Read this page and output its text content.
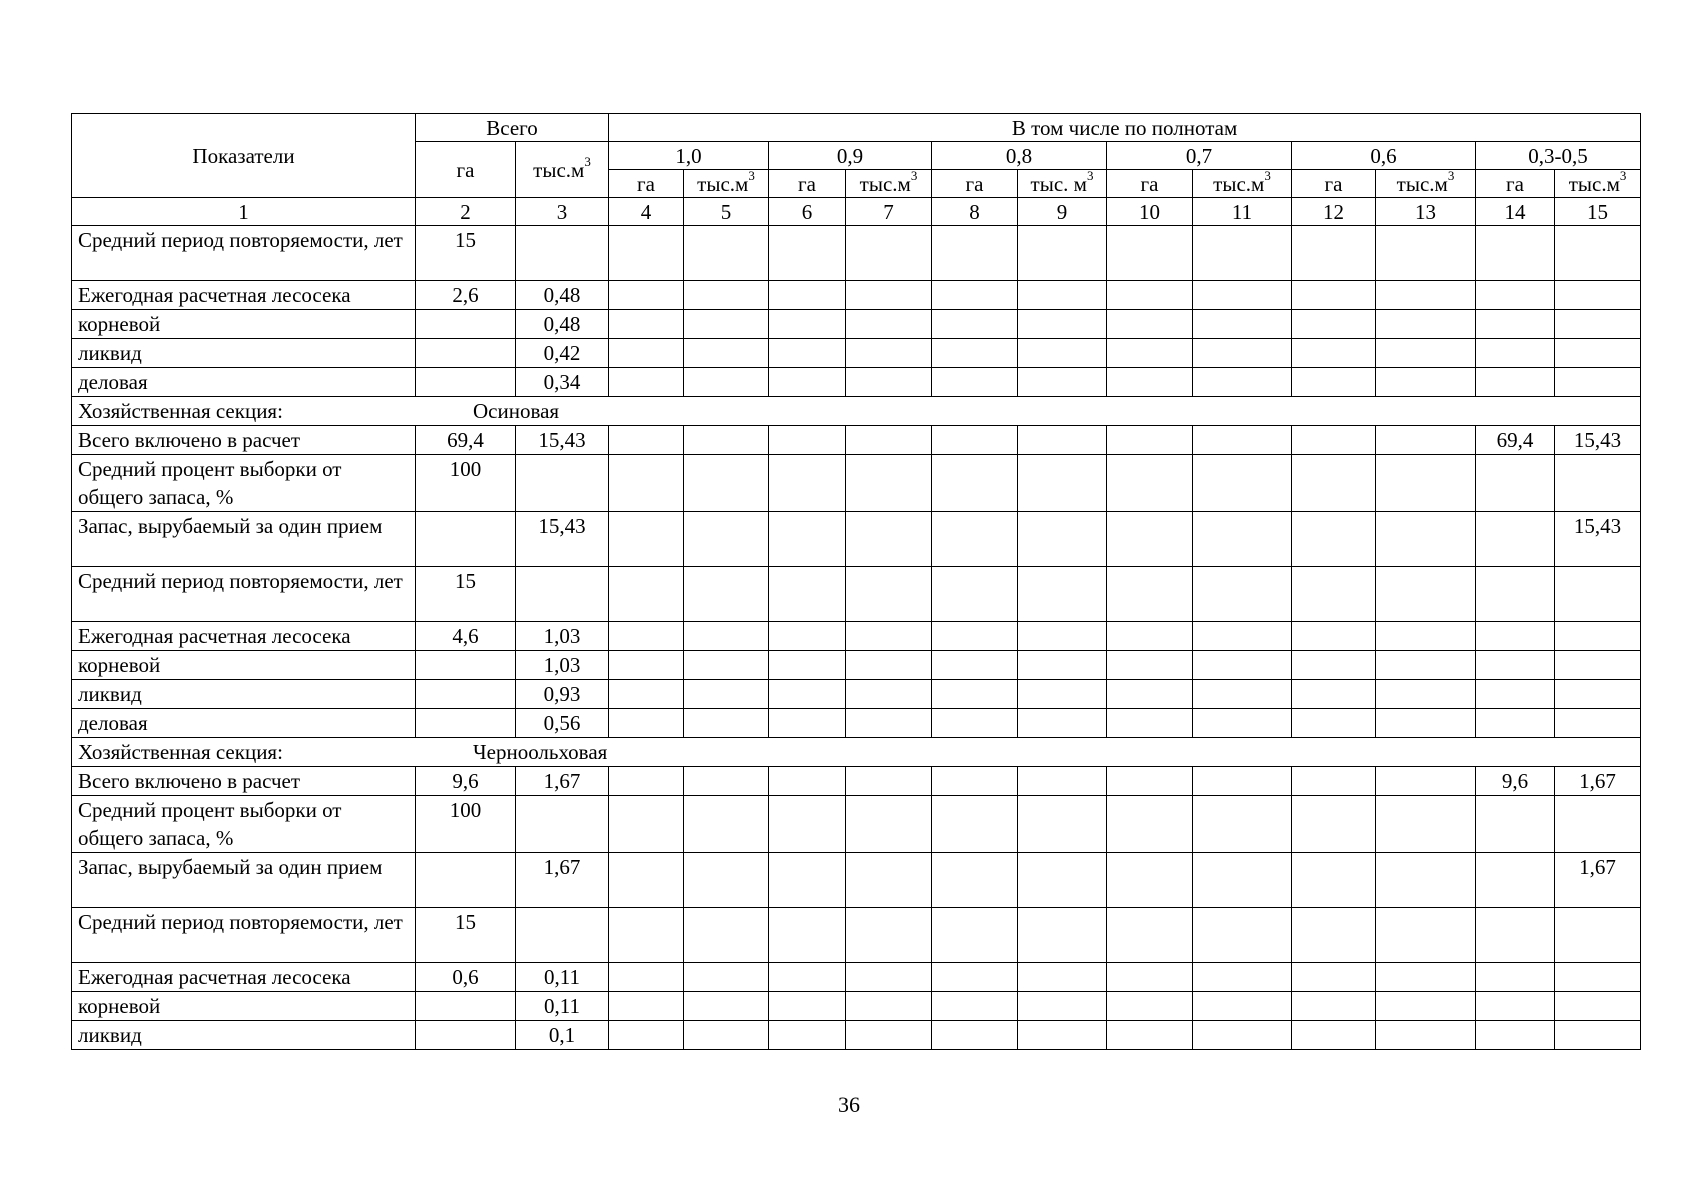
Показатели	Всего		В том числе по полнотам											
	га	$тыс.м^3$	1,0		0,9		0,8		0,7		0,6		0,3-0,5	
			га	$тыс.м^3$	га	$тыс.м^3$	га	тыс. $м^3$	га	$тыс.м^3$	га	$тыс.м^3$	га	$тыс.м^3$
1	2	3	4	5	6	7	8	9	10	11	12	13	14	15
Средний период повторяемости, лет	15													
Ежегодная расчетная лесосека	2,6	0,48												
корневой		0,48												
ликвид		0,42												
деловая		0,34												
Хозяйственная секция: Осиновая														
Всего включено в расчет	69,4	15,43											69,4	15,43
Средний процент выборки от общего запаса, %	100													
Запас, вырубаемый за один прием		15,43												15,43
Средний период повторяемости, лет	15													
Ежегодная расчетная лесосека	4,6	1,03												
корневой		1,03												
ликвид		0,93												
деловая		0,56												
Хозяйственная секция: Черноольховая														
Всего включено в расчет	9,6	1,67											9,6	1,67
Средний процент выборки от общего запаса, %	100													
Запас, вырубаемый за один прием		1,67												1,67
Средний период повторяемости, лет	15													
Ежегодная расчетная лесосека	0,6	0,11												
корневой		0,11												
ликвид		0,1												
36
